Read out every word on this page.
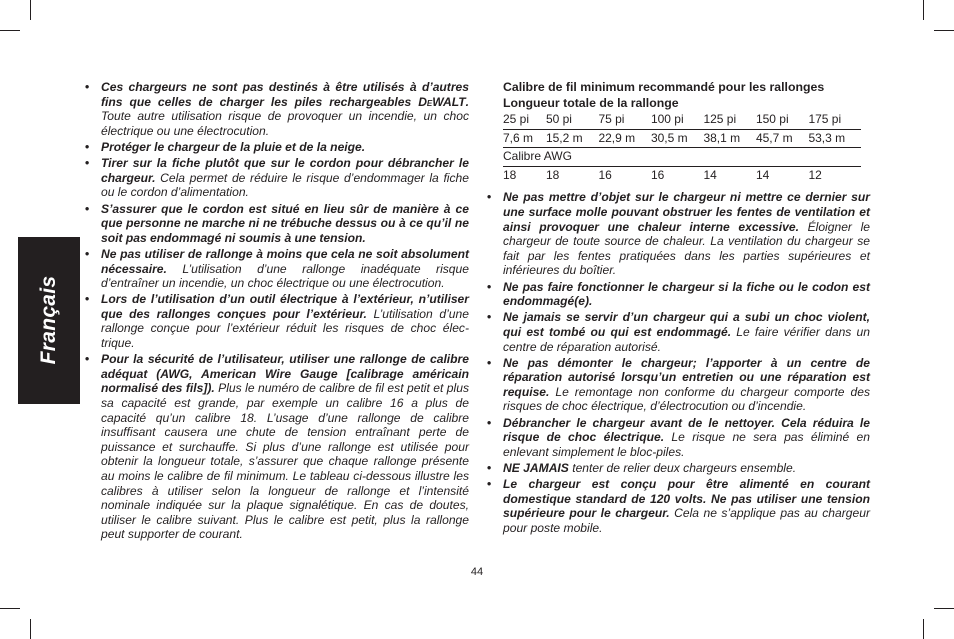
Français
• Ces chargeurs ne sont pas destinés à être utilisés à d’autres fins que celles de charger les piles rechargeables DeWALT. Toute autre utilisation risque de provoquer un incendie, un choc électrique ou une électrocution.
• Protéger le chargeur de la pluie et de la neige.
• Tirer sur la fiche plutôt que sur le cordon pour débrancher le chargeur. Cela permet de réduire le risque d’endommager la fiche ou le cordon d’alimentation.
• S’assurer que le cordon est situé en lieu sûr de manière à ce que personne ne marche ni ne trébuche dessus ou à ce qu’il ne soit pas endommagé ni soumis à une tension.
• Ne pas utiliser de rallonge à moins que cela ne soit absolument nécessaire. L’utilisation d’une rallonge inadéquate risque d’entraîner un incendie, un choc électrique ou une électrocution.
• Lors de l’utilisation d’un outil électrique à l’extérieur, n’utiliser que des rallonges conçues pour l’extérieur. L’utilisation d’une rallonge conçue pour l’extérieur réduit les risques de choc électrique.
• Pour la sécurité de l’utilisateur, utiliser une rallonge de calibre adéquat (AWG, American Wire Gauge [calibrage américain normalisé des fils]). Plus le numéro de calibre de fil est petit et plus sa capacité est grande, par exemple un calibre 16 a plus de capacité qu’un calibre 18. L’usage d’une rallonge de calibre insuffisant causera une chute de tension entraînant perte de puissance et surchauffe. Si plus d’une rallonge est utilisée pour obtenir la longueur totale, s’assurer que chaque rallonge présente au moins le calibre de fil minimum. Le tableau ci-dessous illustre les calibres à utiliser selon la longueur de rallonge et l’intensité nominale indiquée sur la plaque signalétique. En cas de doutes, utiliser le calibre suivant. Plus le calibre est petit, plus la rallonge peut supporter de courant.
Calibre de fil minimum recommandé pour les rallonges
Longueur totale de la rallonge
25 pi	50 pi	75 pi	100 pi	125 pi	150 pi	175 pi
7,6 m	15,2 m	22,9 m	30,5 m	38,1 m	45,7 m	53,3 m
Calibre AWG						
18	18	16	16	14	14	12
• Ne pas mettre d’objet sur le chargeur ni mettre ce dernier sur une surface molle pouvant obstruer les fentes de ventilation et ainsi provoquer une chaleur interne excessive. Éloigner le chargeur de toute source de chaleur. La ventilation du chargeur se fait par les fentes pratiquées dans les parties supérieures et inférieures du boîtier.
• Ne pas faire fonctionner le chargeur si la fiche ou le codon est endommagé(e).
• Ne jamais se servir d’un chargeur qui a subi un choc violent, qui est tombé ou qui est endommagé. Le faire vérifier dans un centre de réparation autorisé.
• Ne pas démonter le chargeur; l’apporter à un centre de réparation autorisé lorsqu’un entretien ou une réparation est requise. Le remontage non conforme du chargeur comporte des risques de choc électrique, d’électrocution ou d’incendie.
• Débrancher le chargeur avant de le nettoyer. Cela réduira le risque de choc électrique. Le risque ne sera pas éliminé en enlevant simplement le bloc-piles.
• NE JAMAIS tenter de relier deux chargeurs ensemble.
• Le chargeur est conçu pour être alimenté en courant domestique standard de 120 volts. Ne pas utiliser une tension supérieure pour le chargeur. Cela ne s’applique pas au chargeur pour poste mobile.
44
